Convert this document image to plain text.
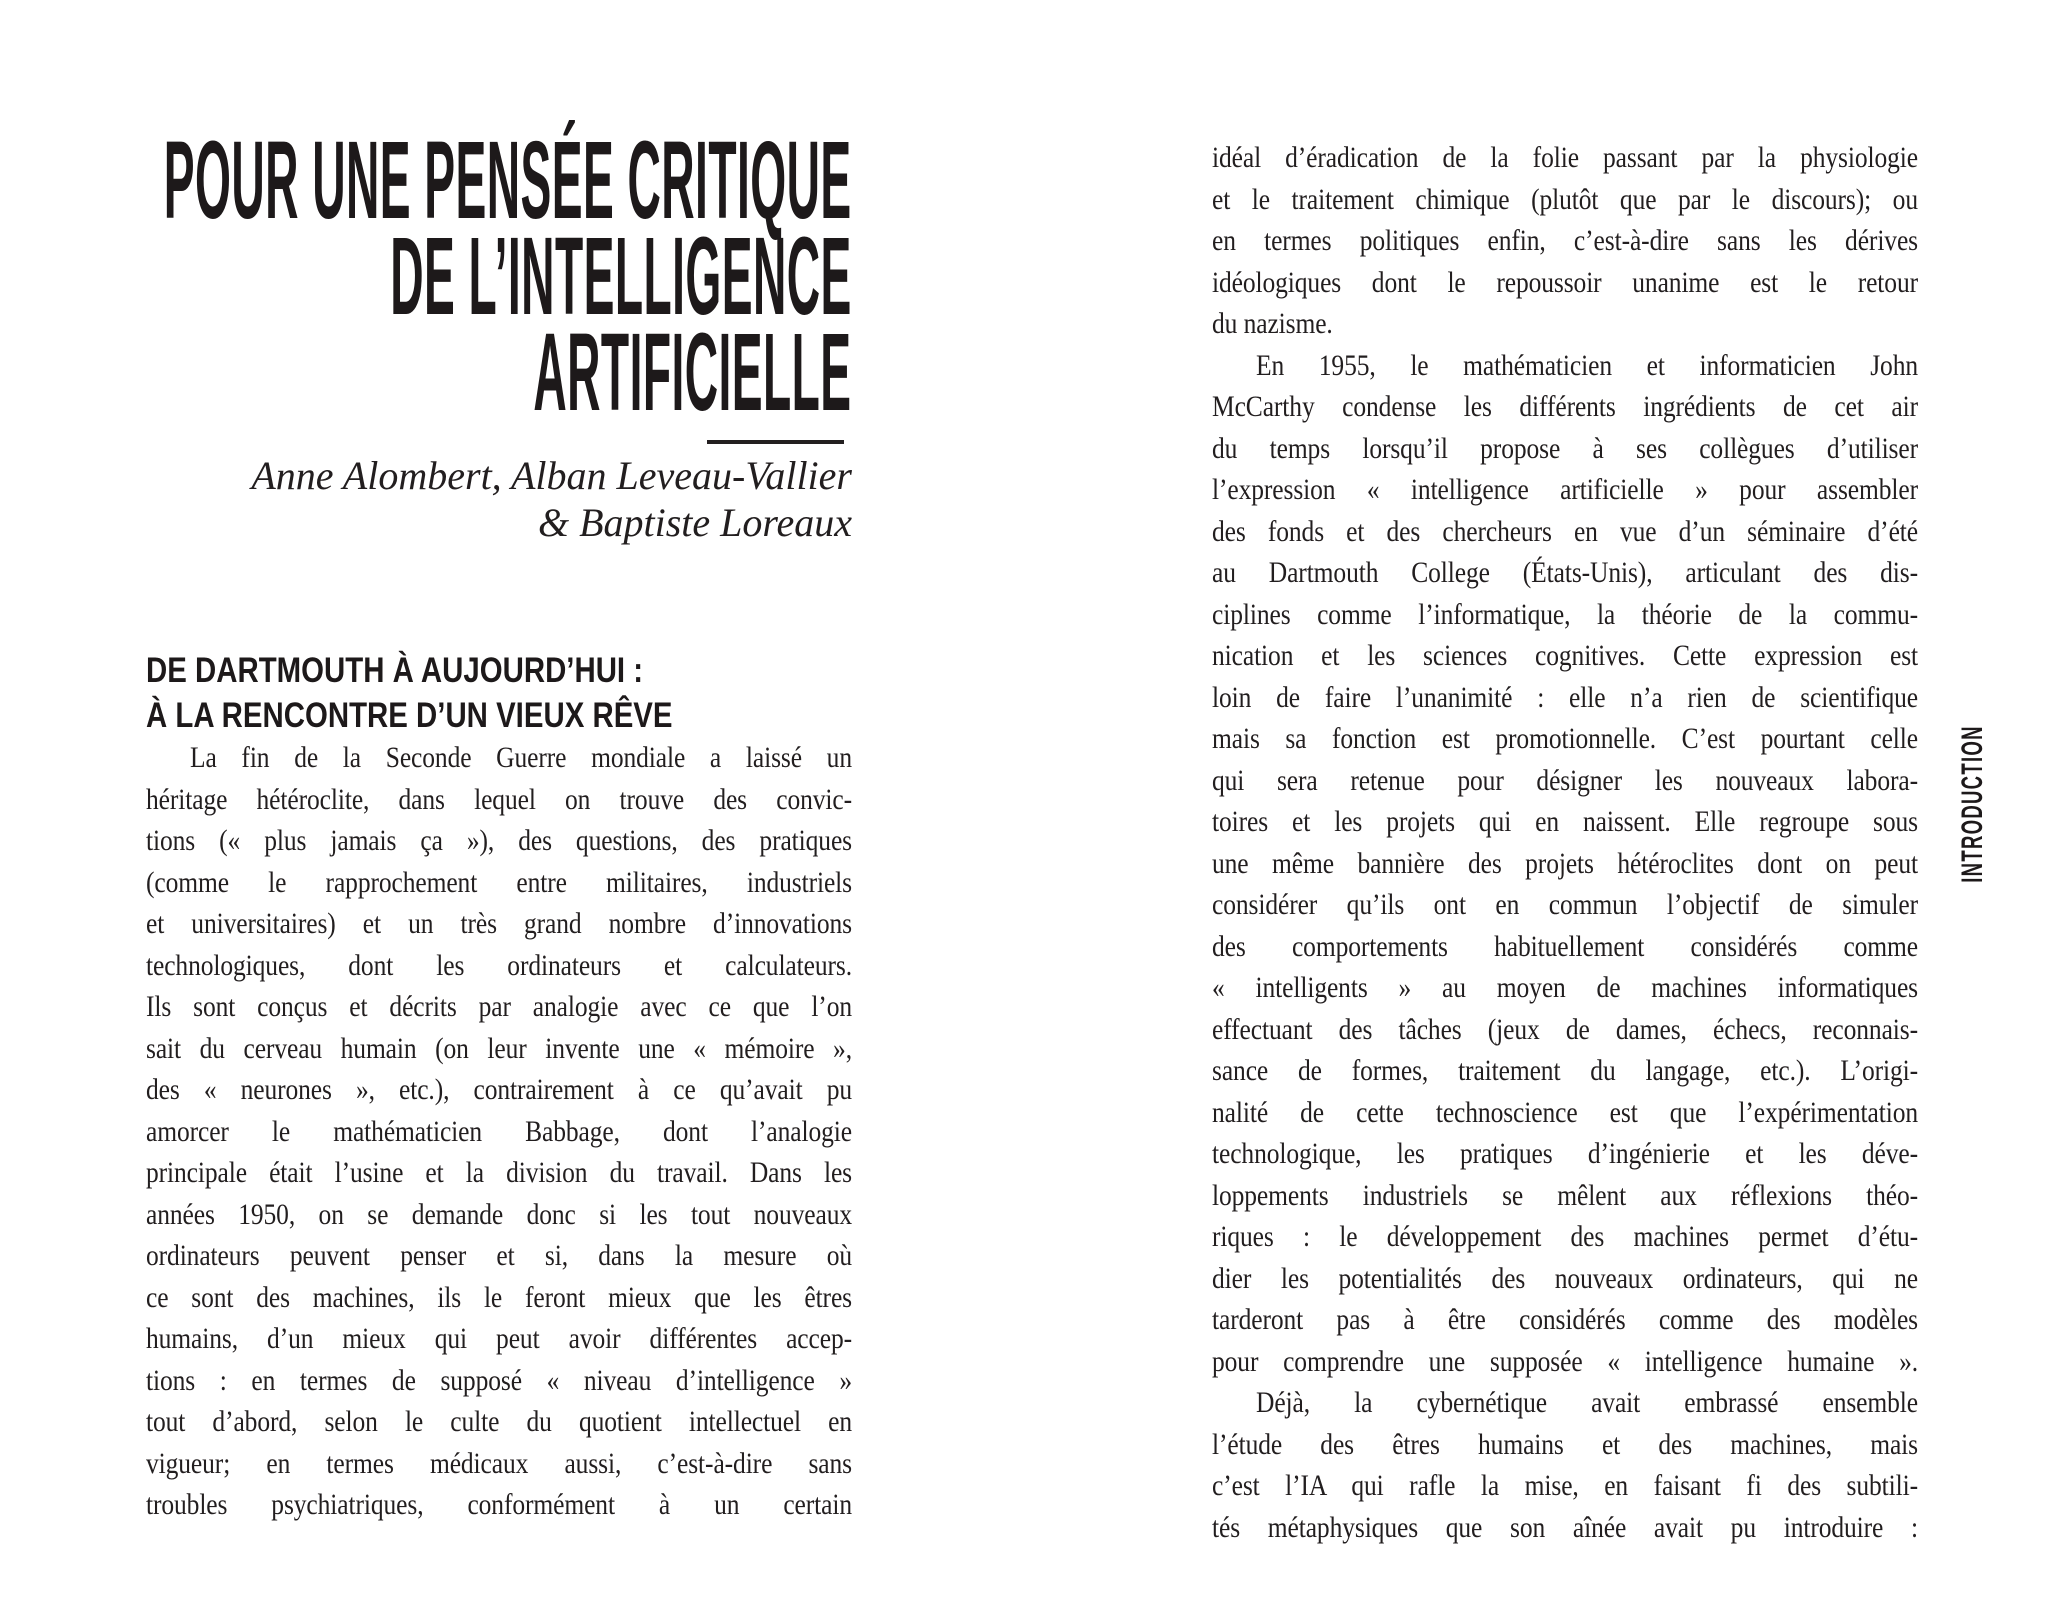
POUR UNE PENSÉE CRITIQUE
DE L’INTELLIGENCE
ARTIFICIELLE
Anne Alombert, Alban Leveau-Vallier
& Baptiste Loreaux
DE DARTMOUTH À AUJOURD’HUI :
À LA RENCONTRE D’UN VIEUX RÊVE
La fin de la Seconde Guerre mondiale a laissé un
héritage hétéroclite, dans lequel on trouve des convic-
tions (« plus jamais ça »), des questions, des pratiques
(comme le rapprochement entre militaires, industriels
et universitaires) et un très grand nombre d’innovations
technologiques, dont les ordinateurs et calculateurs.
Ils sont conçus et décrits par analogie avec ce que l’on
sait du cerveau humain (on leur invente une « mémoire »,
des « neurones », etc.), contrairement à ce qu’avait pu
amorcer le mathématicien Babbage, dont l’analogie
principale était l’usine et la division du travail. Dans les
années 1950, on se demande donc si les tout nouveaux
ordinateurs peuvent penser et si, dans la mesure où
ce sont des machines, ils le feront mieux que les êtres
humains, d’un mieux qui peut avoir différentes accep-
tions : en termes de supposé « niveau d’intelligence »
tout d’abord, selon le culte du quotient intellectuel en
vigueur; en termes médicaux aussi, c’est-à-dire sans
troubles psychiatriques, conformément à un certain
idéal d’éradication de la folie passant par la physiologie
et le traitement chimique (plutôt que par le discours); ou
en termes politiques enfin, c’est-à-dire sans les dérives
idéologiques dont le repoussoir unanime est le retour
du nazisme.
En 1955, le mathématicien et informaticien John
McCarthy condense les différents ingrédients de cet air
du temps lorsqu’il propose à ses collègues d’utiliser
l’expression « intelligence artificielle » pour assembler
des fonds et des chercheurs en vue d’un séminaire d’été
au Dartmouth College (États-Unis), articulant des dis-
ciplines comme l’informatique, la théorie de la commu-
nication et les sciences cognitives. Cette expression est
loin de faire l’unanimité : elle n’a rien de scientifique
mais sa fonction est promotionnelle. C’est pourtant celle
qui sera retenue pour désigner les nouveaux labora-
toires et les projets qui en naissent. Elle regroupe sous
une même bannière des projets hétéroclites dont on peut
considérer qu’ils ont en commun l’objectif de simuler
des comportements habituellement considérés comme
« intelligents » au moyen de machines informatiques
effectuant des tâches (jeux de dames, échecs, reconnais-
sance de formes, traitement du langage, etc.). L’origi-
nalité de cette technoscience est que l’expérimentation
technologique, les pratiques d’ingénierie et les déve-
loppements industriels se mêlent aux réflexions théo-
riques : le développement des machines permet d’étu-
dier les potentialités des nouveaux ordinateurs, qui ne
tarderont pas à être considérés comme des modèles
pour comprendre une supposée « intelligence humaine ».
Déjà, la cybernétique avait embrassé ensemble
l’étude des êtres humains et des machines, mais
c’est l’IA qui rafle la mise, en faisant fi des subtili-
tés métaphysiques que son aînée avait pu introduire :
INTRODUCTION
